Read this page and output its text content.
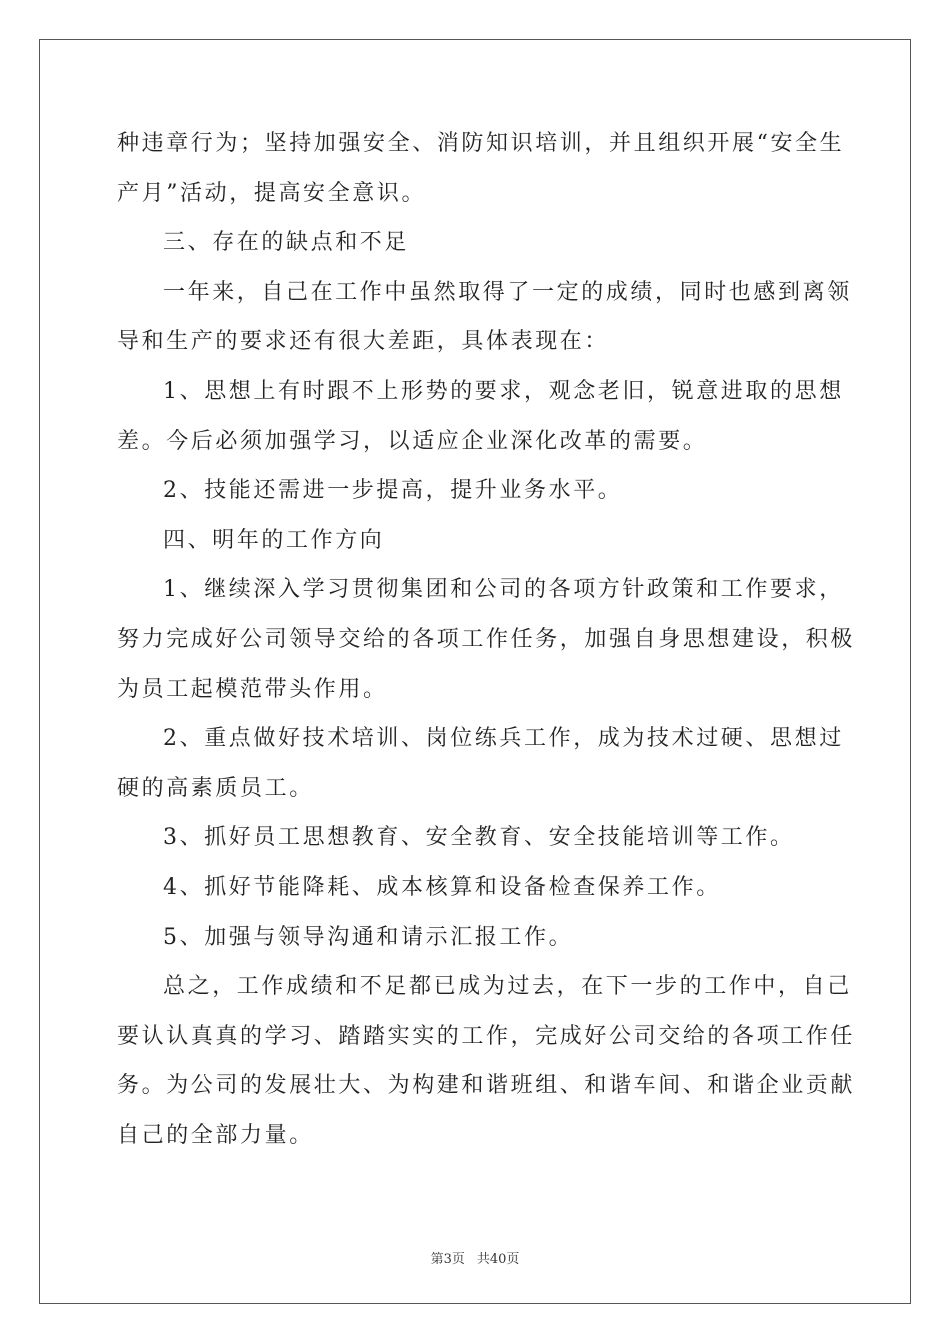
种违章行为；坚持加强安全、消防知识培训，并且组织开展“安全生
产月”活动，提高安全意识。
三、存在的缺点和不足
一年来，自己在工作中虽然取得了一定的成绩，同时也感到离领
导和生产的要求还有很大差距，具体表现在：
1、思想上有时跟不上形势的要求，观念老旧，锐意进取的思想
差。今后必须加强学习，以适应企业深化改革的需要。
2、技能还需进一步提高，提升业务水平。
四、明年的工作方向
1、继续深入学习贯彻集团和公司的各项方针政策和工作要求，
努力完成好公司领导交给的各项工作任务，加强自身思想建设，积极
为员工起模范带头作用。
2、重点做好技术培训、岗位练兵工作，成为技术过硬、思想过
硬的高素质员工。
3、抓好员工思想教育、安全教育、安全技能培训等工作。
4、抓好节能降耗、成本核算和设备检查保养工作。
5、加强与领导沟通和请示汇报工作。
总之，工作成绩和不足都已成为过去，在下一步的工作中，自己
要认认真真的学习、踏踏实实的工作，完成好公司交给的各项工作任
务。为公司的发展壮大、为构建和谐班组、和谐车间、和谐企业贡献
自己的全部力量。
第3页 共40页
